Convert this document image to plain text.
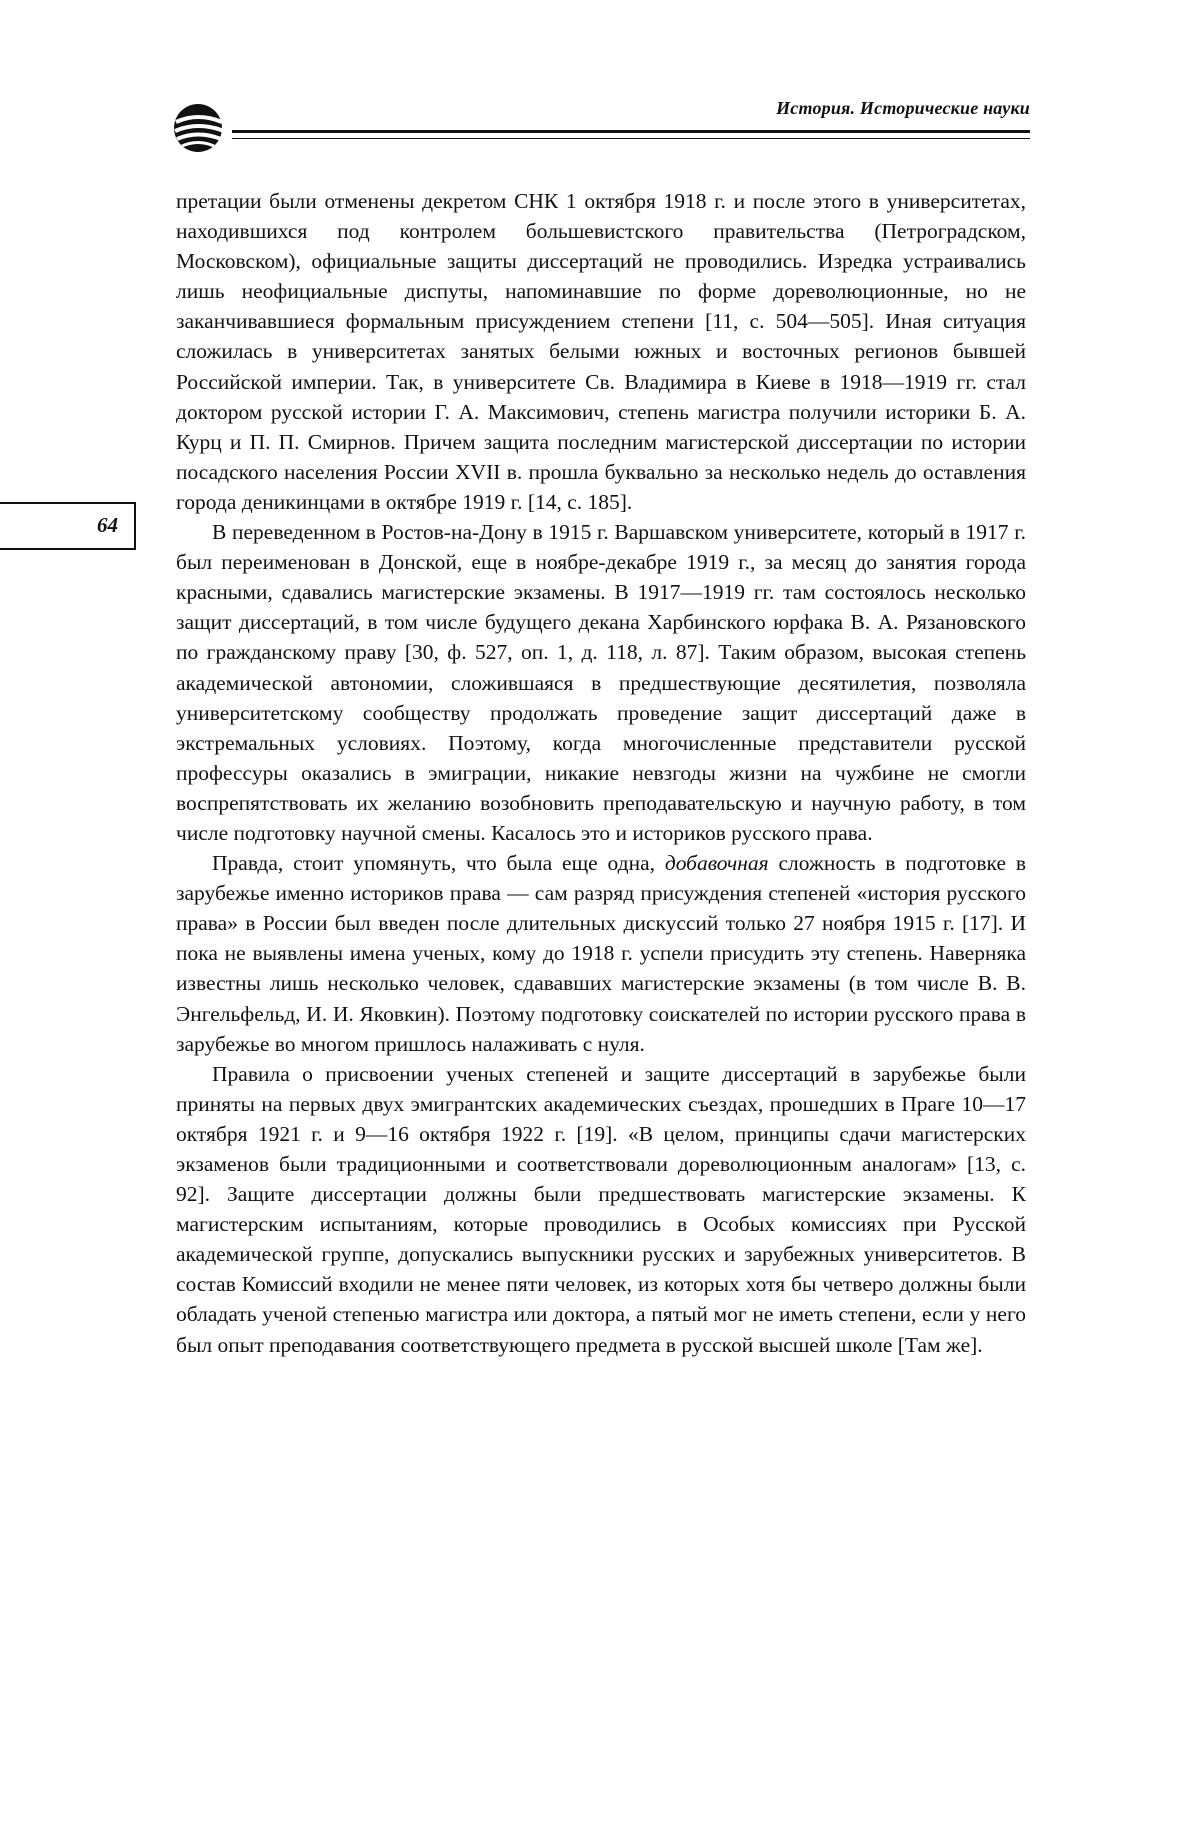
История. Исторические науки
64

претации были отменены декретом СНК 1 октября 1918 г. и после этого в университетах, находившихся под контролем большевистского правительства (Петроградском, Московском), официальные защиты диссертаций не проводились. Изредка устраивались лишь неофициальные диспуты, напоминавшие по форме дореволюционные, но не заканчивавшиеся формальным присуждением степени [11, с. 504—505]. Иная ситуация сложилась в университетах занятых белыми южных и восточных регионов бывшей Российской империи. Так, в университете Св. Владимира в Киеве в 1918—1919 гг. стал доктором русской истории Г. А. Максимович, степень магистра получили историки Б. А. Курц и П. П. Смирнов. Причем защита последним магистерской диссертации по истории посадского населения России XVII в. прошла буквально за несколько недель до оставления города деникинцами в октябре 1919 г. [14, с. 185].

В переведенном в Ростов-на-Дону в 1915 г. Варшавском университете, который в 1917 г. был переименован в Донской, еще в ноябре-декабре 1919 г., за месяц до занятия города красными, сдавались магистерские экзамены. В 1917—1919 гг. там состоялось несколько защит диссертаций, в том числе будущего декана Харбинского юрфака В. А. Рязановского по гражданскому праву [30, ф. 527, оп. 1, д. 118, л. 87]. Таким образом, высокая степень академической автономии, сложившаяся в предшествующие десятилетия, позволяла университетскому сообществу продолжать проведение защит диссертаций даже в экстремальных условиях. Поэтому, когда многочисленные представители русской профессуры оказались в эмиграции, никакие невзгоды жизни на чужбине не смогли воспрепятствовать их желанию возобновить преподавательскую и научную работу, в том числе подготовку научной смены. Касалось это и историков русского права.

Правда, стоит упомянуть, что была еще одна, добавочная сложность в подготовке в зарубежье именно историков права — сам разряд присуждения степеней «история русского права» в России был введен после длительных дискуссий только 27 ноября 1915 г. [17]. И пока не выявлены имена ученых, кому до 1918 г. успели присудить эту степень. Наверняка известны лишь несколько человек, сдававших магистерские экзамены (в том числе В. В. Энгельфельд, И. И. Яковкин). Поэтому подготовку соискателей по истории русского права в зарубежье во многом пришлось налаживать с нуля.

Правила о присвоении ученых степеней и защите диссертаций в зарубежье были приняты на первых двух эмигрантских академических съездах, прошедших в Праге 10—17 октября 1921 г. и 9—16 октября 1922 г. [19]. «В целом, принципы сдачи магистерских экзаменов были традиционными и соответствовали дореволюционным аналогам» [13, с. 92]. Защите диссертации должны были предшествовать магистерские экзамены. К магистерским испытаниям, которые проводились в Особых комиссиях при Русской академической группе, допускались выпускники русских и зарубежных университетов. В состав Комиссий входили не менее пяти человек, из которых хотя бы четверо должны были обладать ученой степенью магистра или доктора, а пятый мог не иметь степени, если у него был опыт преподавания соответствующего предмета в русской высшей школе [Там же].
